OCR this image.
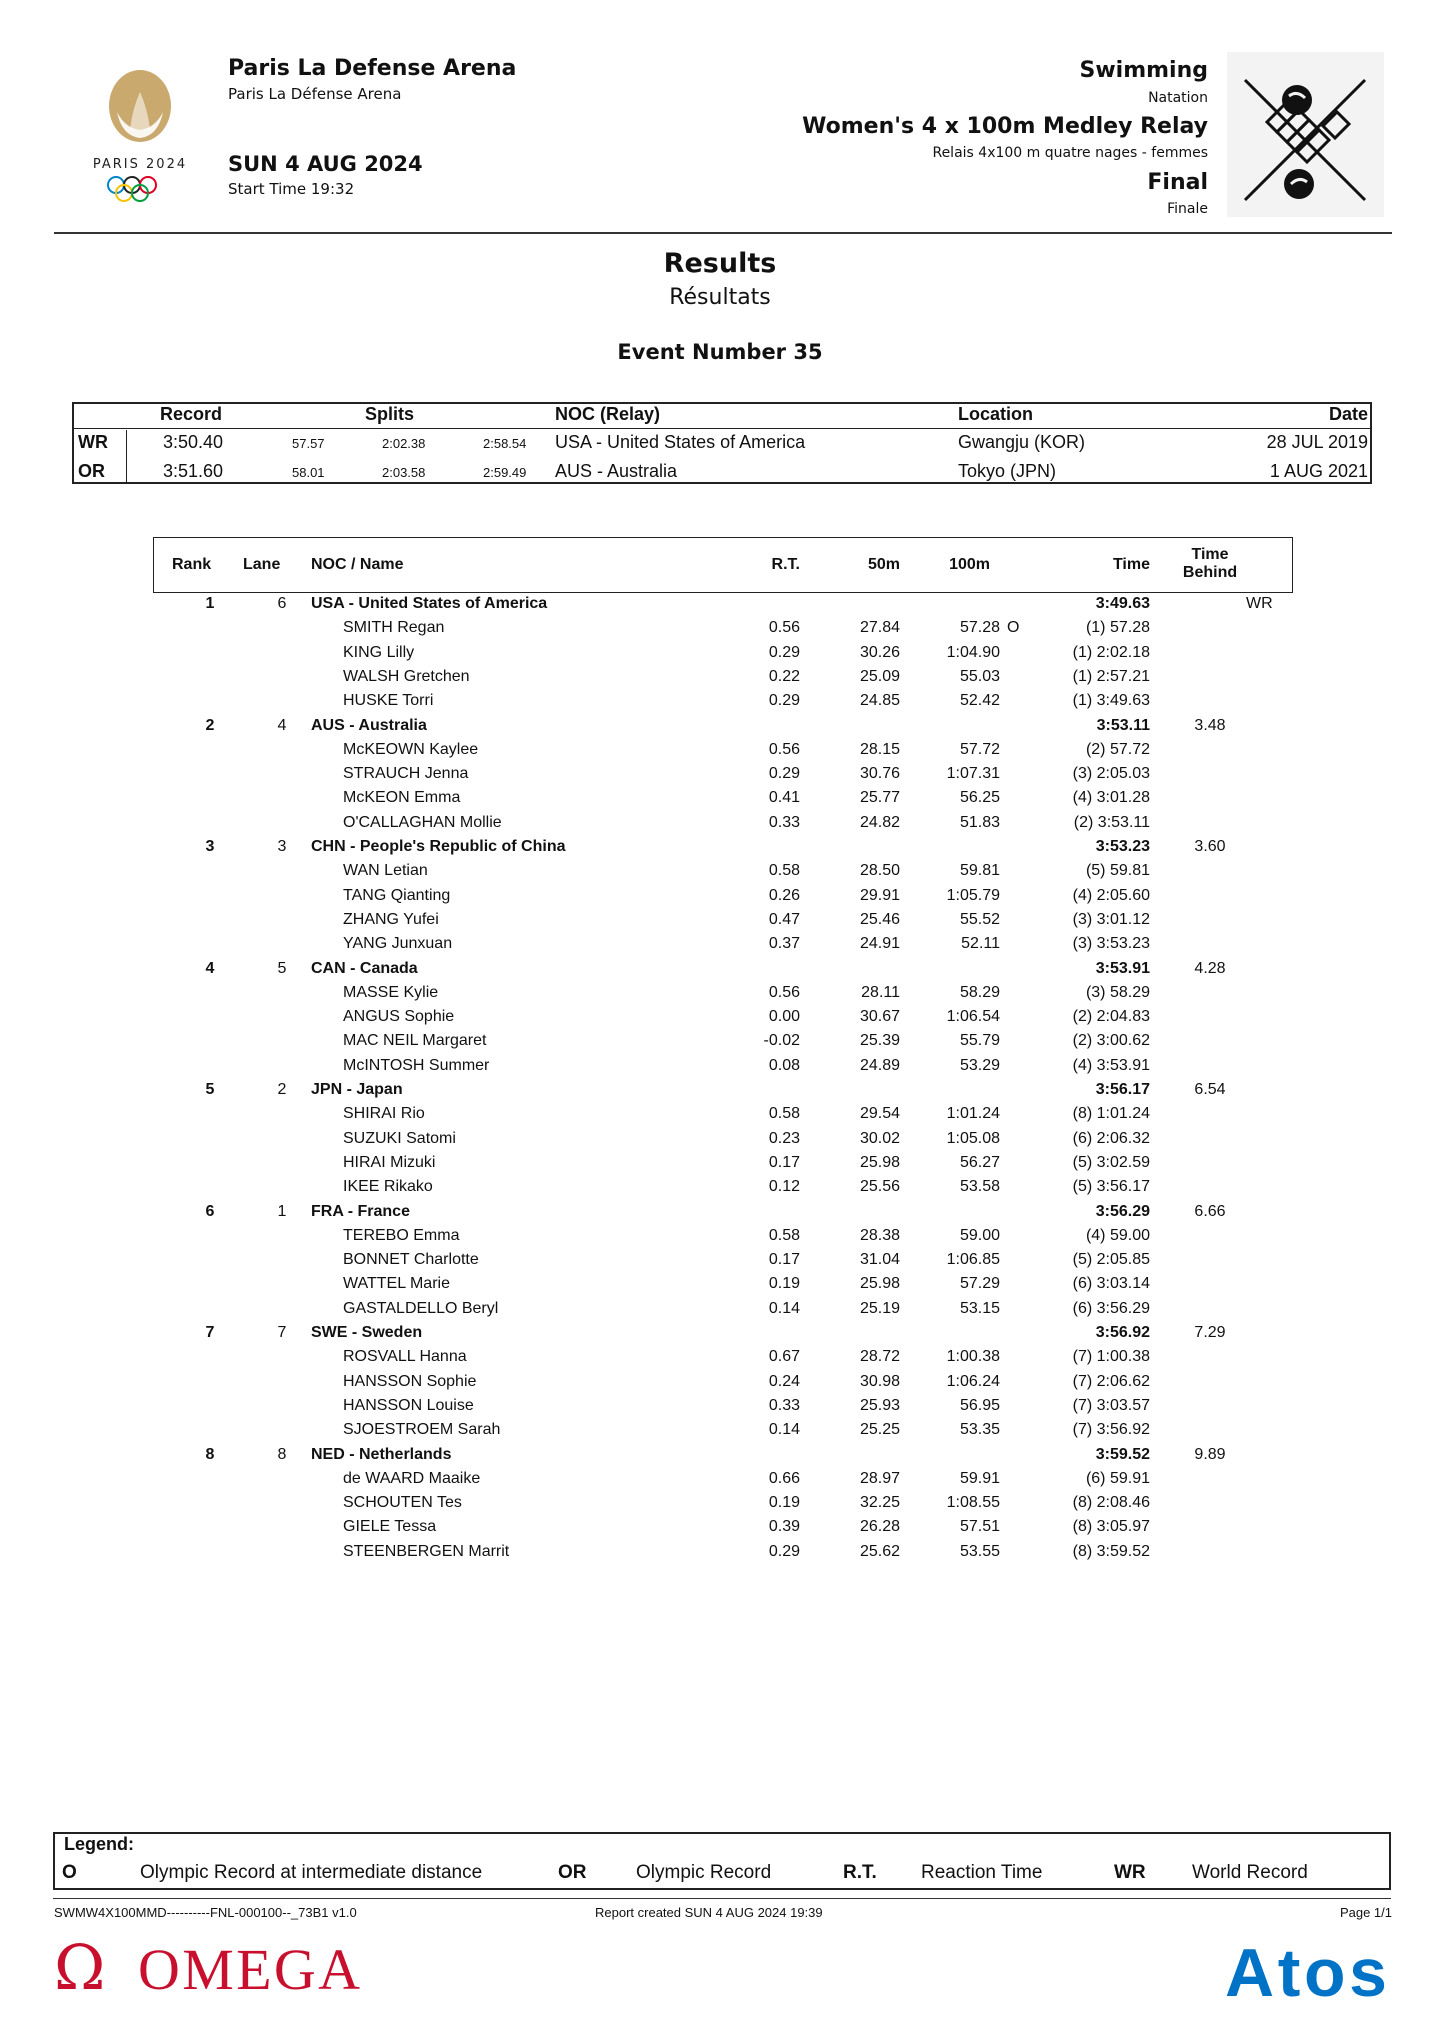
PARIS 2024
Paris La Defense Arena
Paris La Défense Arena
SUN 4 AUG 2024
Start Time 19:32
Swimming
Natation
Women's 4 x 100m Medley Relay
Relais 4x100 m quatre nages - femmes
Final
Finale
Results
Résultats
Event Number 35
Record	Splits	NOC (Relay)	Location	Date
WR	3:50.40	57.57	2:02.38	2:58.54 USA - United States of America	Gwangju (KOR)	28 JUL 2019
OR	3:51.60	58.01	2:03.58	2:59.49 AUS - Australia	Tokyo (JPN)	1 AUG 2021
Rank Lane NOC / Name	R.T.	50m	100m	Time
Time
Behind
1	6	USA - United States of America	3:49.63	WR
SMITH Regan	0.56	27.84	57.28 O	(1) 57.28
KING Lilly	0.29	30.26	1:04.90	(1) 2:02.18
WALSH Gretchen	0.22	25.09	55.03	(1) 2:57.21
HUSKE Torri	0.29	24.85	52.42	(1) 3:49.63
2	4	AUS - Australia	3:53.11	3.48
McKEOWN Kaylee	0.56	28.15	57.72	(2) 57.72
STRAUCH Jenna	0.29	30.76	1:07.31	(3) 2:05.03
McKEON Emma	0.41	25.77	56.25	(4) 3:01.28
O'CALLAGHAN Mollie	0.33	24.82	51.83	(2) 3:53.11
3	3	CHN - People's Republic of China	3:53.23	3.60
WAN Letian	0.58	28.50	59.81	(5) 59.81
TANG Qianting	0.26	29.91	1:05.79	(4) 2:05.60
ZHANG Yufei	0.47	25.46	55.52	(3) 3:01.12
YANG Junxuan	0.37	24.91	52.11	(3) 3:53.23
4	5	CAN - Canada	3:53.91	4.28
MASSE Kylie	0.56	28.11	58.29	(3) 58.29
ANGUS Sophie	0.00	30.67	1:06.54	(2) 2:04.83
MAC NEIL Margaret	-0.02	25.39	55.79	(2) 3:00.62
McINTOSH Summer	0.08	24.89	53.29	(4) 3:53.91
5	2	JPN - Japan	3:56.17	6.54
SHIRAI Rio	0.58	29.54	1:01.24	(8) 1:01.24
SUZUKI Satomi	0.23	30.02	1:05.08	(6) 2:06.32
HIRAI Mizuki	0.17	25.98	56.27	(5) 3:02.59
IKEE Rikako	0.12	25.56	53.58	(5) 3:56.17
6	1	FRA - France	3:56.29	6.66
TEREBO Emma	0.58	28.38	59.00	(4) 59.00
BONNET Charlotte	0.17	31.04	1:06.85	(5) 2:05.85
WATTEL Marie	0.19	25.98	57.29	(6) 3:03.14
GASTALDELLO Beryl	0.14	25.19	53.15	(6) 3:56.29
7	7	SWE - Sweden	3:56.92	7.29
ROSVALL Hanna	0.67	28.72	1:00.38	(7) 1:00.38
HANSSON Sophie	0.24	30.98	1:06.24	(7) 2:06.62
HANSSON Louise	0.33	25.93	56.95	(7) 3:03.57
SJOESTROEM Sarah	0.14	25.25	53.35	(7) 3:56.92
8	8	NED - Netherlands	3:59.52	9.89
de WAARD Maaike	0.66	28.97	59.91	(6) 59.91
SCHOUTEN Tes	0.19	32.25	1:08.55	(8) 2:08.46
GIELE Tessa	0.39	26.28	57.51	(8) 3:05.97
STEENBERGEN Marrit	0.29	25.62	53.55	(8) 3:59.52
Legend:
O	Olympic Record at intermediate distance	OR	Olympic Record	R.T. Reaction Time	WR World Record
SWMW4X100MMD----------FNL-000100--_73B1 v1.0	Report created SUN 4 AUG 2024 19:39	Page 1/1
Ω OMEGA	Atos
